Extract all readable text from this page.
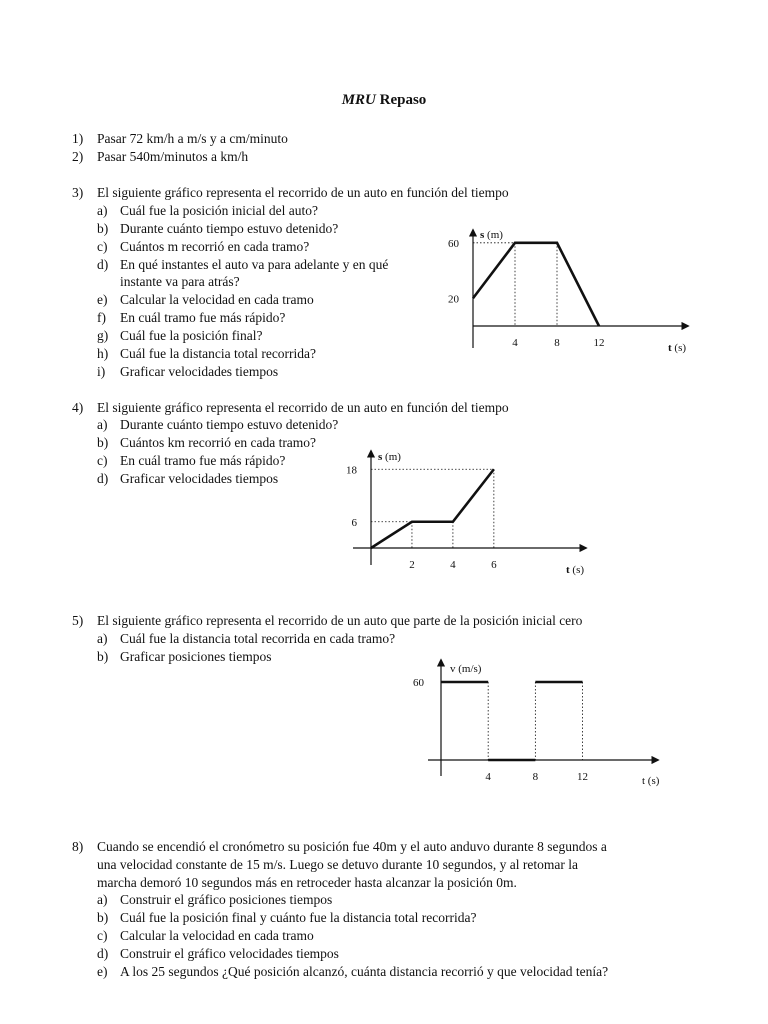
MRU Repaso
1) Pasar 72 km/h a m/s y a cm/minuto
2) Pasar 540m/minutos a km/h
3) El siguiente gráfico representa el recorrido de un auto en función del tiempo
a) Cuál fue la posición inicial del auto?
b) Durante cuánto tiempo estuvo detenido?
c) Cuántos m recorrió en cada tramo?
d) En qué instantes el auto va para adelante y en qué
instante va para atrás?
e) Calcular la velocidad en cada tramo
f) En cuál tramo fue más rápido?
g) Cuál fue la posición final?
h) Cuál fue la distancia total recorrida?
i) Graficar velocidades tiempos
4) El siguiente gráfico representa el recorrido de un auto en función del tiempo
a) Durante cuánto tiempo estuvo detenido?
b) Cuántos km recorrió en cada tramo?
c) En cuál tramo fue más rápido?
d) Graficar velocidades tiempos
5) El siguiente gráfico representa el recorrido de un auto que parte de la posición inicial cero
a) Cuál fue la distancia total recorrida en cada tramo?
b) Graficar posiciones tiempos
8) Cuando se encendió el cronómetro su posición fue 40m y el auto anduvo durante 8 segundos a
una velocidad constante de 15 m/s. Luego se detuvo durante 10 segundos, y al retomar la
marcha demoró 10 segundos más en retroceder hasta alcanzar la posición 0m.
a) Construir el gráfico posiciones tiempos
b) Cuál fue la posición final y cuánto fue la distancia total recorrida?
c) Calcular la velocidad en cada tramo
d) Construir el gráfico velocidades tiempos
e) A los 25 segundos ¿Qué posición alcanzó, cuánta distancia recorrió y que velocidad tenía?
s (m)
t (s)
4	8	12
20
60
s (m)
t (s)
2	4	6
6
18
v (m/s)
t (s)
4	8	12
60
